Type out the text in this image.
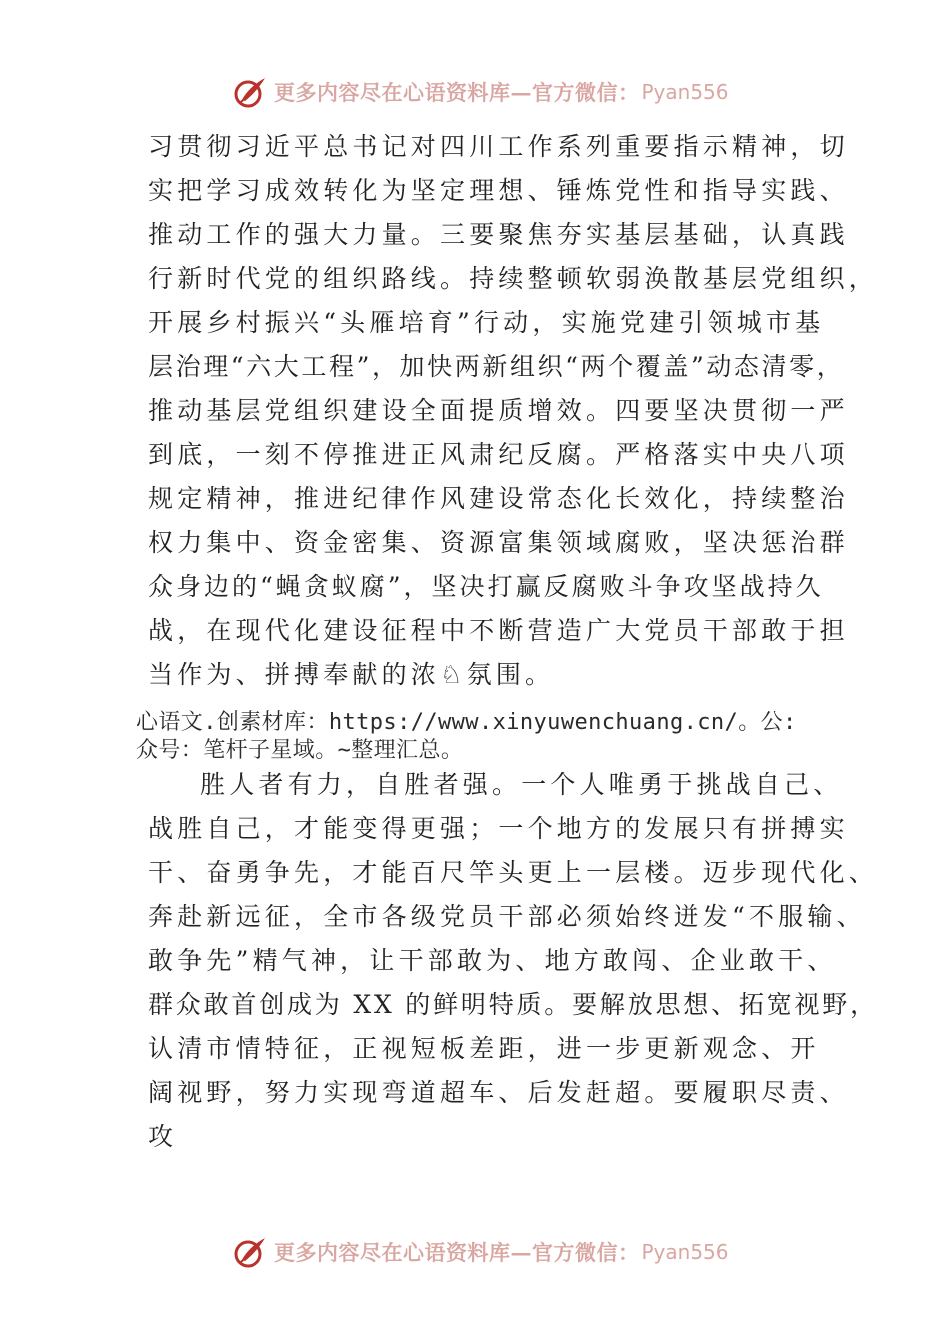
更多内容尽在心语资料库—官方微信： Pyan556
习贯彻习近平总书记对四川工作系列重要指示精神，切
实把学习成效转化为坚定理想、锤炼党性和指导实践、
推动工作的强大力量。三要聚焦夯实基层基础，认真践
行新时代党的组织路线。持续整顿软弱涣散基层党组织，
开展乡村振兴“头雁培育”行动，实施党建引领城市基
层治理“六大工程”，加快两新组织“两个覆盖”动态清零，
推动基层党组织建设全面提质增效。四要坚决贯彻一严
到底，一刻不停推进正风肃纪反腐。严格落实中央八项
规定精神，推进纪律作风建设常态化长效化，持续整治
权力集中、资金密集、资源富集领域腐败，坚决惩治群
众身边的“蝇贪蚁腐”，坚决打赢反腐败斗争攻坚战持久
战，在现代化建设征程中不断营造广大党员干部敢于担
当作为、拼搏奉献的浓♘氛围。
心语文.创素材库：https://www.xinyuwenchuang.cn/。公:
众号：笔杆子星域。~整理汇总。
胜人者有力，自胜者强。一个人唯勇于挑战自己、
战胜自己，才能变得更强；一个地方的发展只有拼搏实
干、奋勇争先，才能百尺竿头更上一层楼。迈步现代化、
奔赴新远征，全市各级党员干部必须始终迸发“不服输、
敢争先”精气神，让干部敢为、地方敢闯、企业敢干、
群众敢首创成为 XX 的鲜明特质。要解放思想、拓宽视野，
认清市情特征，正视短板差距，进一步更新观念、开
阔视野，努力实现弯道超车、后发赶超。要履职尽责、
攻
更多内容尽在心语资料库—官方微信： Pyan556
